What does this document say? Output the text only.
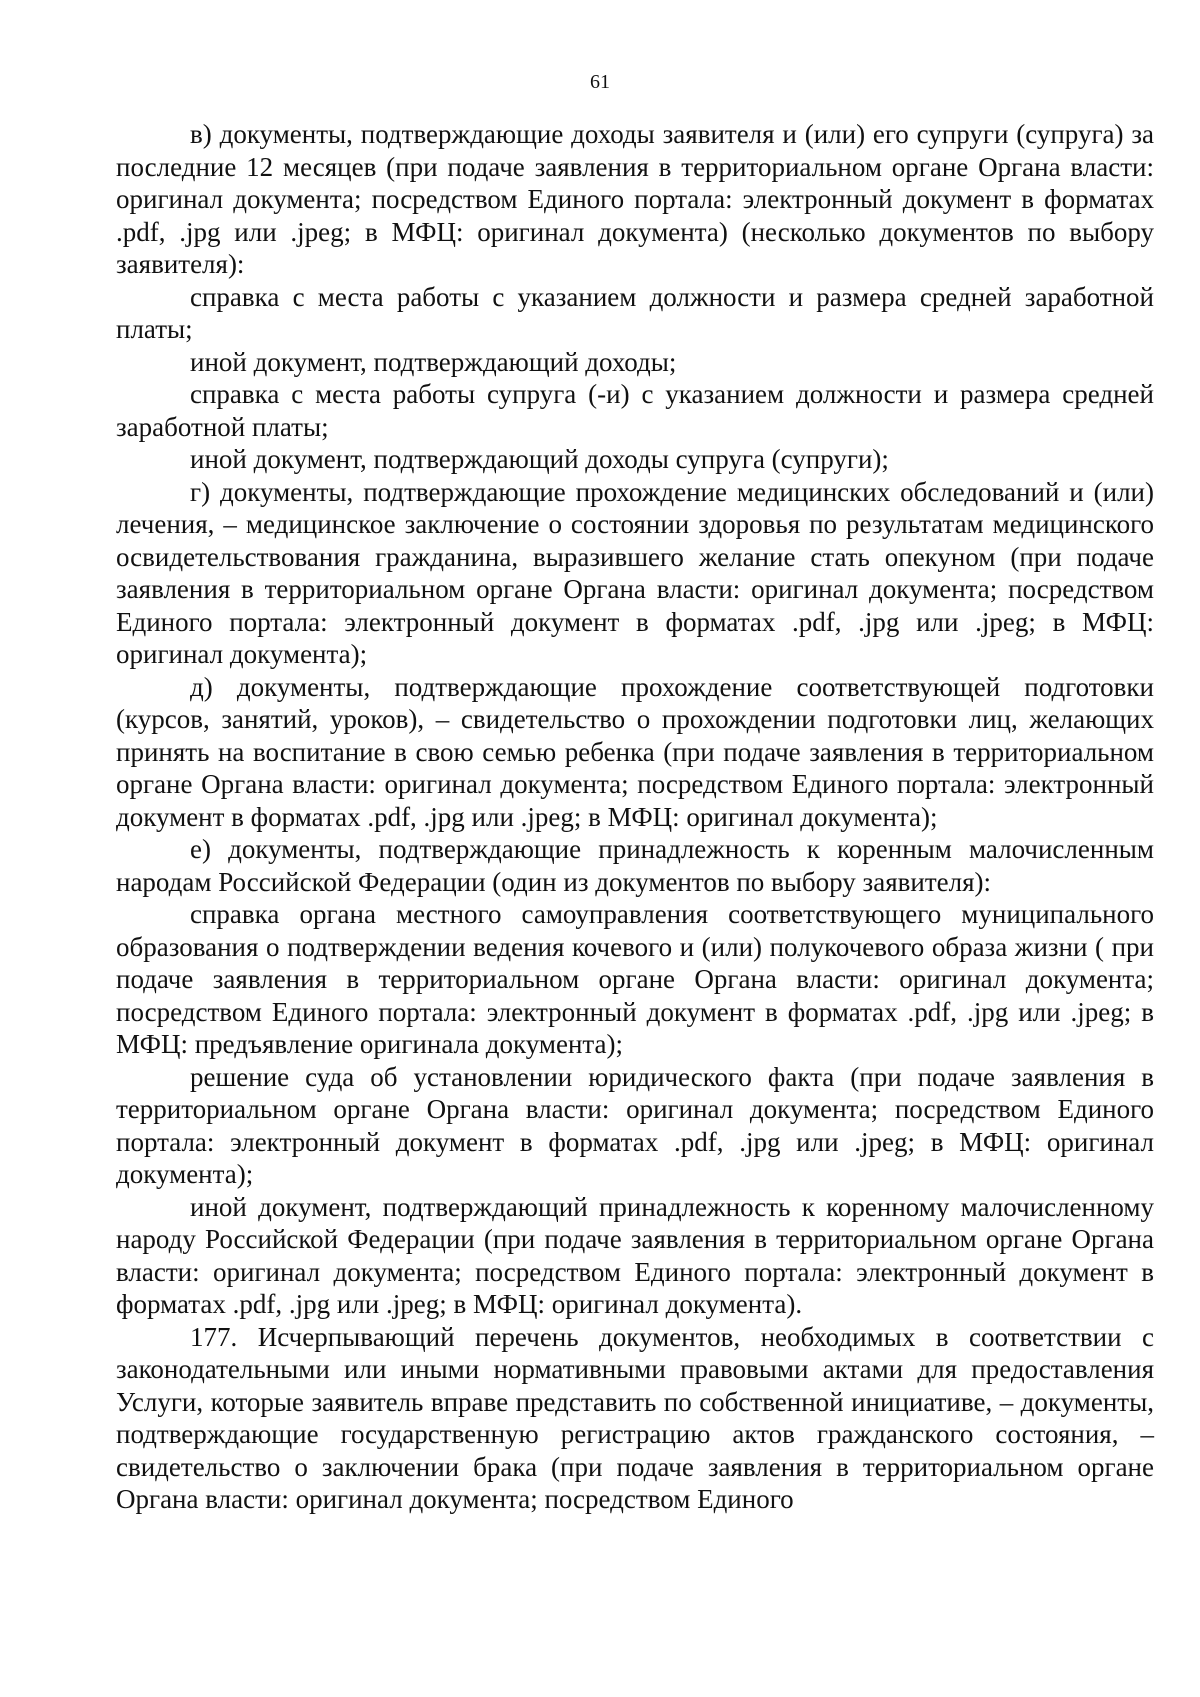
61

в) документы, подтверждающие доходы заявителя и (или) его супруги (супруга) за последние 12 месяцев (при подаче заявления в территориальном органе Органа власти: оригинал документа; посредством Единого портала: электронный документ в форматах .pdf, .jpg или .jpeg; в МФЦ: оригинал документа) (несколько документов по выбору заявителя):

справка с места работы с указанием должности и размера средней заработной платы;

иной документ, подтверждающий доходы;

справка с места работы супруга (-и) с указанием должности и размера средней заработной платы;

иной документ, подтверждающий доходы супруга (супруги);

г) документы, подтверждающие прохождение медицинских обследований и (или) лечения, – медицинское заключение о состоянии здоровья по результатам медицинского освидетельствования гражданина, выразившего желание стать опекуном (при подаче заявления в территориальном органе Органа власти: оригинал документа; посредством Единого портала: электронный документ в форматах .pdf, .jpg или .jpeg; в МФЦ: оригинал документа);

д) документы, подтверждающие прохождение соответствующей подготовки (курсов, занятий, уроков), – свидетельство о прохождении подготовки лиц, желающих принять на воспитание в свою семью ребенка (при подаче заявления в территориальном органе Органа власти: оригинал документа; посредством Единого портала: электронный документ в форматах .pdf, .jpg или .jpeg; в МФЦ: оригинал документа);

е) документы, подтверждающие принадлежность к коренным малочисленным народам Российской Федерации (один из документов по выбору заявителя):

справка органа местного самоуправления соответствующего муниципального образования о подтверждении ведения кочевого и (или) полукочевого образа жизни ( при подаче заявления в территориальном органе Органа власти: оригинал документа; посредством Единого портала: электронный документ в форматах .pdf, .jpg или .jpeg; в МФЦ: предъявление оригинала документа);

решение суда об установлении юридического факта (при подаче заявления в территориальном органе Органа власти: оригинал документа; посредством Единого портала: электронный документ в форматах .pdf, .jpg или .jpeg; в МФЦ: оригинал документа);

иной документ, подтверждающий принадлежность к коренному малочисленному народу Российской Федерации (при подаче заявления в территориальном органе Органа власти: оригинал документа; посредством Единого портала: электронный документ в форматах .pdf, .jpg или .jpeg; в МФЦ: оригинал документа).

177. Исчерпывающий перечень документов, необходимых в соответствии с законодательными или иными нормативными правовыми актами для предоставления Услуги, которые заявитель вправе представить по собственной инициативе, – документы, подтверждающие государственную регистрацию актов гражданского состояния, – свидетельство о заключении брака (при подаче заявления в территориальном органе Органа власти: оригинал документа; посредством Единого
